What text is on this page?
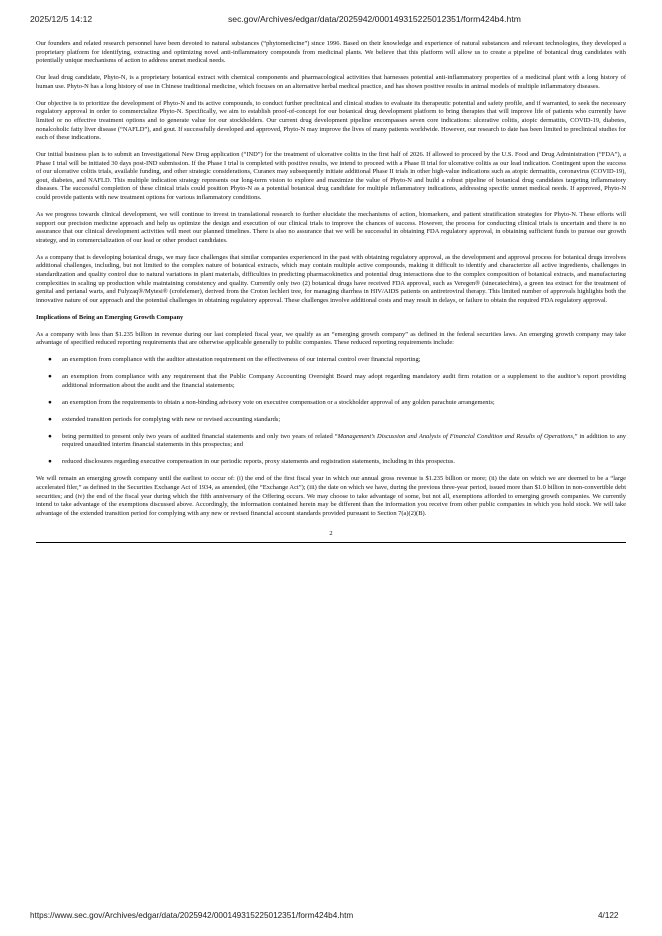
2025/12/5 14:12	sec.gov/Archives/edgar/data/2025942/000149315225012351/form424b4.htm

Our founders and related research personnel have been devoted to natural substances (“phytomedicine”) since 1996. Based on their knowledge and experience of natural substances and relevant technologies, they developed a proprietary platform for identifying, extracting and optimizing novel anti-inflammatory compounds from medicinal plants. We believe that this platform will allow us to create a pipeline of botanical drug candidates with potentially unique mechanisms of action to address unmet medical needs.

Our lead drug candidate, Phyto-N, is a proprietary botanical extract with chemical components and pharmacological activities that harnesses potential anti-inflammatory properties of a medicinal plant with a long history of human use. Phyto-N has a long history of use in Chinese traditional medicine, which focuses on an alternative herbal medical practice, and has shown positive results in animal models of multiple inflammatory diseases.

Our objective is to prioritize the development of Phyto-N and its active compounds, to conduct further preclinical and clinical studies to evaluate its therapeutic potential and safety profile, and if warranted, to seek the necessary regulatory approval in order to commercialize Phyto-N. Specifically, we aim to establish proof-of-concept for our botanical drug development platform to bring therapies that will improve life of patients who currently have limited or no effective treatment options and to generate value for our stockholders. Our current drug development pipeline encompasses seven core indications: ulcerative colitis, atopic dermatitis, COVID-19, diabetes, nonalcoholic fatty liver disease (“NAFLD”), and gout. If successfully developed and approved, Phyto-N may improve the lives of many patients worldwide. However, our research to date has been limited to preclinical studies for each of these indications.

Our initial business plan is to submit an Investigational New Drug application (“IND”) for the treatment of ulcerative colitis in the first half of 2026. If allowed to proceed by the U.S. Food and Drug Administration (“FDA”), a Phase I trial will be initiated 30 days post-IND submission. If the Phase I trial is completed with positive results, we intend to proceed with a Phase II trial for ulcerative colitis as our lead indication. Contingent upon the success of our ulcerative colitis trials, available funding, and other strategic considerations, Curanex may subsequently initiate additional Phase II trials in other high-value indications such as atopic dermatitis, coronavirus (COVID-19), gout, diabetes, and NAFLD. This multiple indication strategy represents our long-term vision to explore and maximize the value of Phyto-N and build a robust pipeline of botanical drug candidates targeting inflammatory diseases. The successful completion of these clinical trials could position Phyto-N as a potential botanical drug candidate for multiple inflammatory indications, addressing specific unmet medical needs. If approved, Phyto-N could provide patients with new treatment options for various inflammatory conditions.

As we progress towards clinical development, we will continue to invest in translational research to further elucidate the mechanisms of action, biomarkers, and patient stratification strategies for Phyto-N. These efforts will support our precision medicine approach and help us optimize the design and execution of our clinical trials to improve the chances of success. However, the process for conducting clinical trials is uncertain and there is no assurance that our clinical development activities will meet our planned timelines. There is also no assurance that we will be successful in obtaining FDA regulatory approval, in obtaining sufficient funds to pursue our growth strategy, and in commercialization of our lead or other product candidates.

As a company that is developing botanical drugs, we may face challenges that similar companies experienced in the past with obtaining regulatory approval, as the development and approval process for botanical drugs involves additional challenges, including, but not limited to the complex nature of botanical extracts, which may contain multiple active compounds, making it difficult to identify and characterize all active ingredients, challenges in standardization and quality control due to natural variations in plant materials, difficulties in predicting pharmacokinetics and potential drug interactions due to the complex composition of botanical extracts, and manufacturing complexities in scaling up production while maintaining consistency and quality. Currently only two (2) botanical drugs have received FDA approval, such as Veregen® (sinecatechins), a green tea extract for the treatment of genital and perianal warts, and Fulyzaq®/Mytesi® (crofelemer), derived from the Croton lechleri tree, for managing diarrhea in HIV/AIDS patients on antiretroviral therapy. This limited number of approvals highlights both the innovative nature of our approach and the potential challenges in obtaining regulatory approval. These challenges involve additional costs and may result in delays, or failure to obtain the required FDA regulatory approval.

Implications of Being an Emerging Growth Company

As a company with less than $1.235 billion in revenue during our last completed fiscal year, we qualify as an “emerging growth company” as defined in the federal securities laws. An emerging growth company may take advantage of specified reduced reporting requirements that are otherwise applicable generally to public companies. These reduced reporting requirements include:

● an exemption from compliance with the auditor attestation requirement on the effectiveness of our internal control over financial reporting;
● an exemption from compliance with any requirement that the Public Company Accounting Oversight Board may adopt regarding mandatory audit firm rotation or a supplement to the auditor’s report providing additional information about the audit and the financial statements;
● an exemption from the requirements to obtain a non-binding advisory vote on executive compensation or a stockholder approval of any golden parachute arrangements;
● extended transition periods for complying with new or revised accounting standards;
● being permitted to present only two years of audited financial statements and only two years of related “Management’s Discussion and Analysis of Financial Condition and Results of Operations,” in addition to any required unaudited interim financial statements in this prospectus; and
● reduced disclosures regarding executive compensation in our periodic reports, proxy statements and registration statements, including in this prospectus.

We will remain an emerging growth company until the earliest to occur of: (i) the end of the first fiscal year in which our annual gross revenue is $1.235 billion or more; (ii) the date on which we are deemed to be a “large accelerated filer,” as defined in the Securities Exchange Act of 1934, as amended, (the “Exchange Act”); (iii) the date on which we have, during the previous three-year period, issued more than $1.0 billion in non-convertible debt securities; and (iv) the end of the fiscal year during which the fifth anniversary of the Offering occurs. We may choose to take advantage of some, but not all, exemptions afforded to emerging growth companies. We currently intend to take advantage of the exemptions discussed above. Accordingly, the information contained herein may be different than the information you receive from other public companies in which you hold stock. We will take advantage of the extended transition period for complying with any new or revised financial account standards provided pursuant to Section 7(a)(2)(B).

2
https://www.sec.gov/Archives/edgar/data/2025942/000149315225012351/form424b4.htm	4/122
